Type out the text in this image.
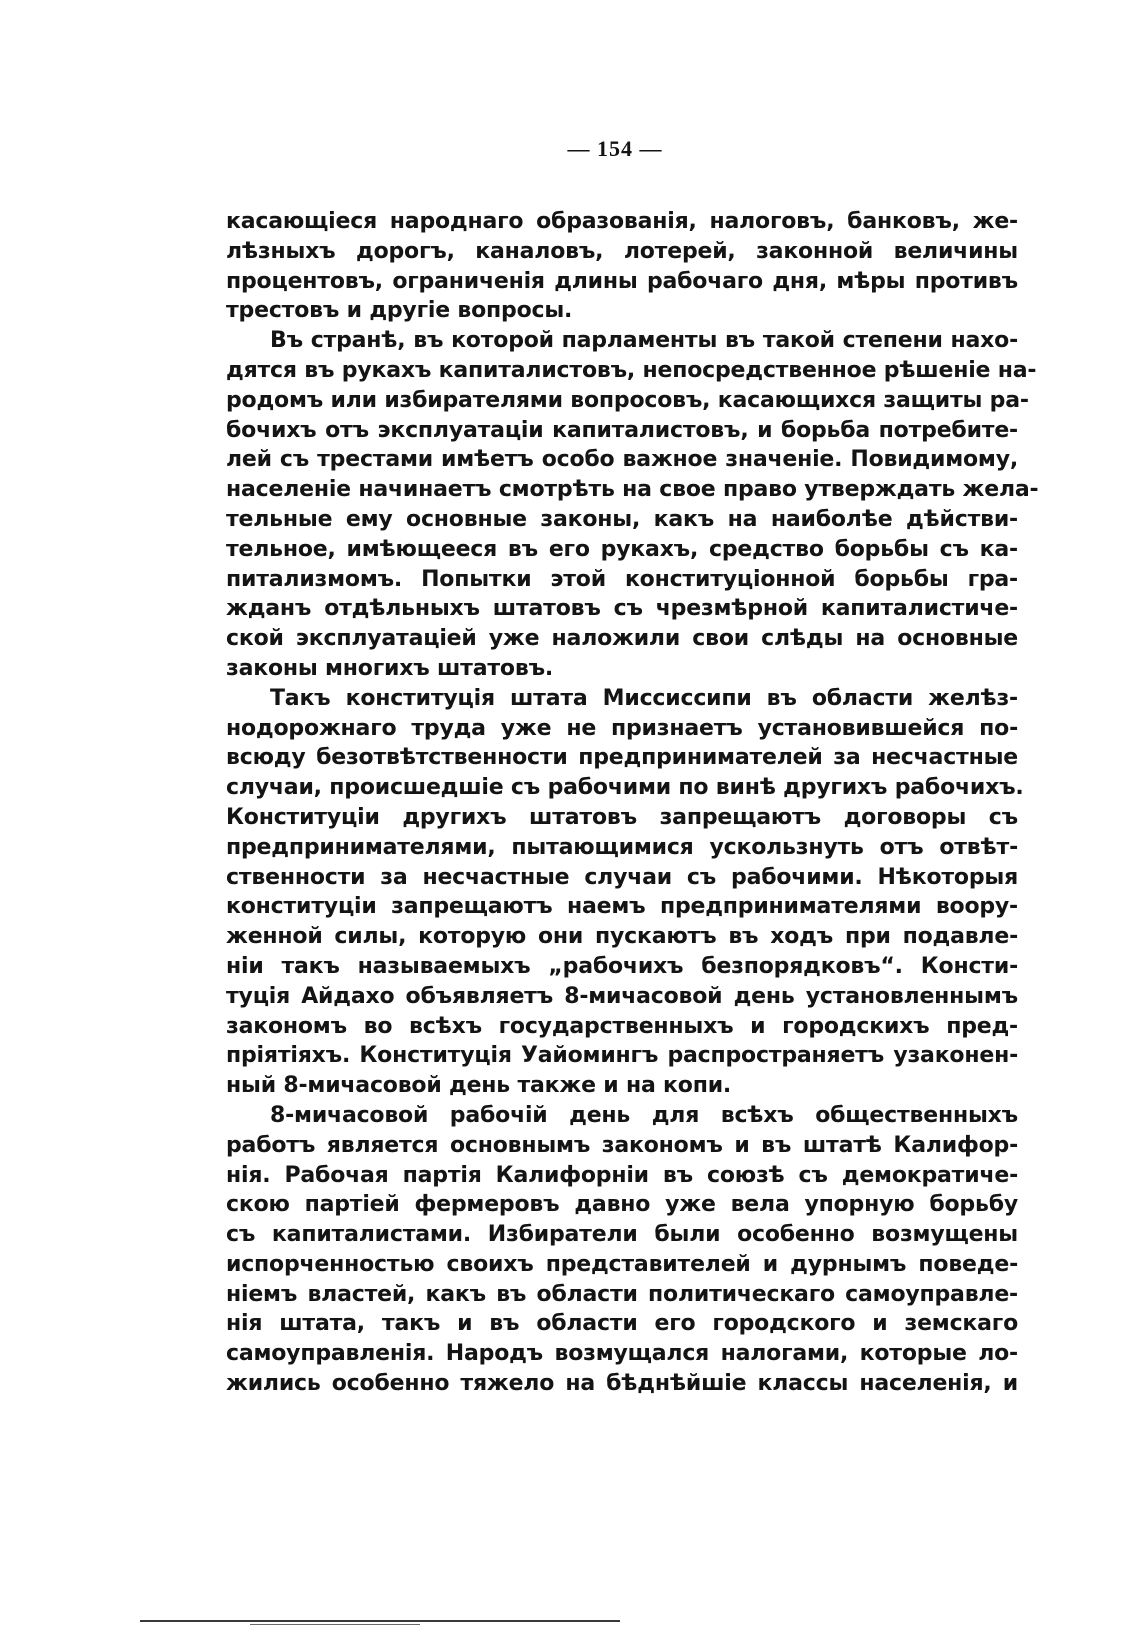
— 154 —
касающіеся народнаго образованія, налоговъ, банковъ, же-
лѣзныхъ дорогъ, каналовъ, лотерей, законной величины
процентовъ, ограниченія длины рабочаго дня, мѣры противъ
трестовъ и другіе вопросы.
Въ странѣ, въ которой парламенты въ такой степени нахо-
дятся въ рукахъ капиталистовъ, непосредственное рѣшеніе на-
родомъ или избирателями вопросовъ, касающихся защиты ра-
бочихъ отъ эксплуатаціи капиталистовъ, и борьба потребите-
лей съ трестами имѣетъ особо важное значеніе. Повидимому,
населеніе начинаетъ смотрѣть на свое право утверждать жела-
тельные ему основные законы, какъ на наиболѣе дѣйстви-
тельное, имѣющееся въ его рукахъ, средство борьбы съ ка-
питализмомъ. Попытки этой конституціонной борьбы гра-
жданъ отдѣльныхъ штатовъ съ чрезмѣрной капиталистиче-
ской эксплуатаціей уже наложили свои слѣды на основные
законы многихъ штатовъ.
Такъ конституція штата Миссиссипи въ области желѣз-
нодорожнаго труда уже не признаетъ установившейся по-
всюду безотвѣтственности предпринимателей за несчастные
случаи, происшедшіе съ рабочими по винѣ другихъ рабочихъ.
Конституціи другихъ штатовъ запрещаютъ договоры съ
предпринимателями, пытающимися ускользнуть отъ отвѣт-
ственности за несчастные случаи съ рабочими. Нѣкоторыя
конституціи запрещаютъ наемъ предпринимателями воору-
женной силы, которую они пускаютъ въ ходъ при подавле-
ніи такъ называемыхъ „рабочихъ безпорядковъ“. Консти-
туція Айдахо объявляетъ 8-мичасовой день установленнымъ
закономъ во всѣхъ государственныхъ и городскихъ пред-
пріятіяхъ. Конституція Уайомингъ распространяетъ узаконен-
ный 8-мичасовой день также и на копи.
8-мичасовой рабочій день для всѣхъ общественныхъ
работъ является основнымъ закономъ и въ штатѣ Калифор-
нія. Рабочая партія Калифорніи въ союзѣ съ демократиче-
скою партіей фермеровъ давно уже вела упорную борьбу
съ капиталистами. Избиратели были особенно возмущены
испорченностью своихъ представителей и дурнымъ поведе-
ніемъ властей, какъ въ области политическаго самоуправле-
нія штата, такъ и въ области его городского и земскаго
самоуправленія. Народъ возмущался налогами, которые ло-
жились особенно тяжело на бѣднѣйшіе классы населенія, и
